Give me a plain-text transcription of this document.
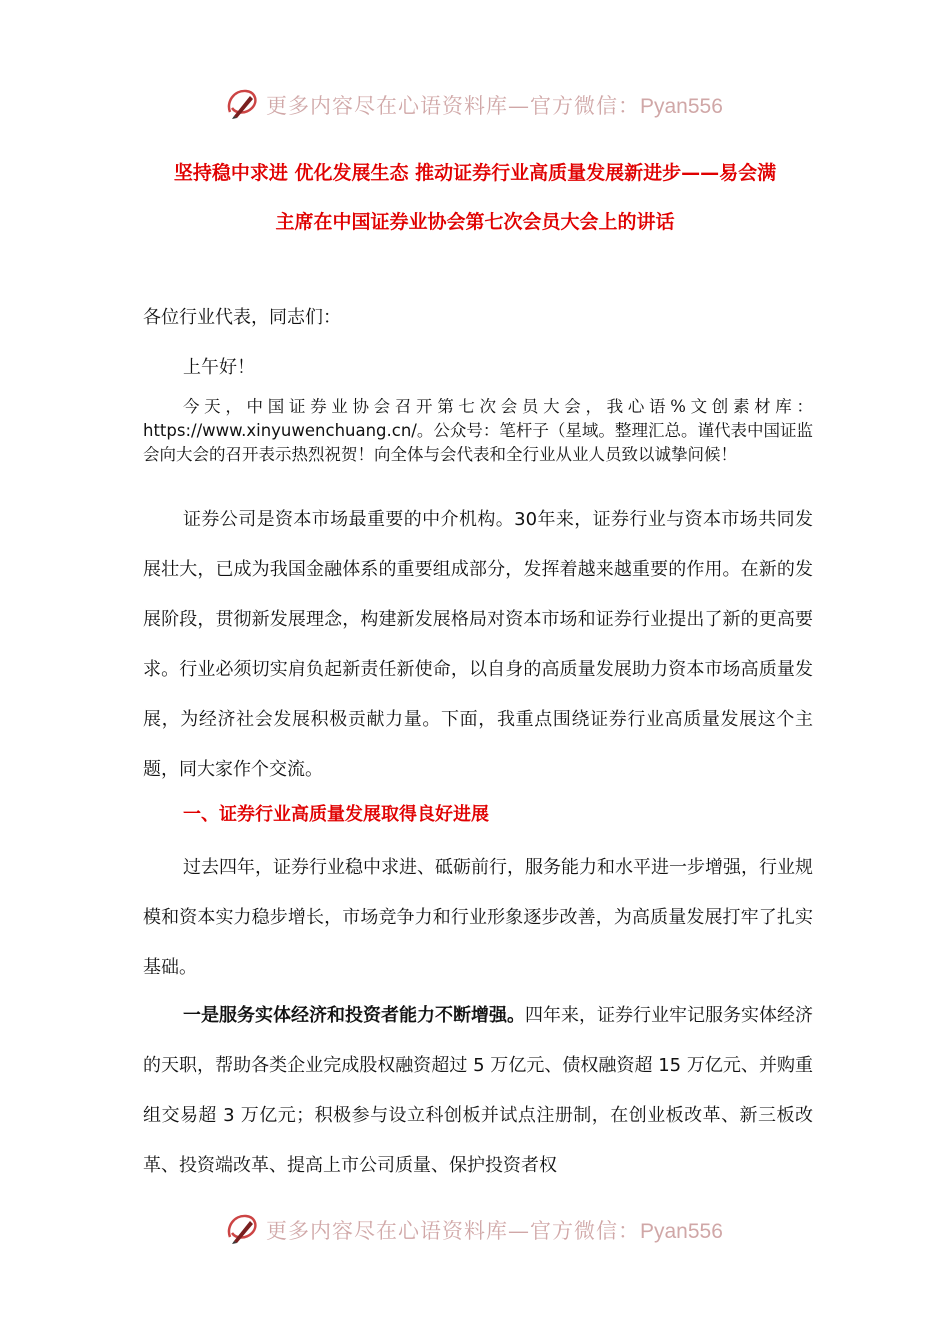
更多内容尽在心语资料库—官方微信：Pyan556
坚持稳中求进 优化发展生态 推动证券行业高质量发展新进步——易会满
主席在中国证券业协会第七次会员大会上的讲话
各位行业代表，同志们：
上午好！

今天，中国证券业协会召开第七次会员大会，我心语%文创素材库：https://www.xinyuwenchuang.cn/。公众号：笔杆子（星域。整理汇总。谨代表中国证监会向大会的召开表示热烈祝贺！向全体与会代表和全行业从业人员致以诚挚问候！

证券公司是资本市场最重要的中介机构。30年来，证券行业与资本市场共同发展壮大，已成为我国金融体系的重要组成部分，发挥着越来越重要的作用。在新的发展阶段，贯彻新发展理念，构建新发展格局对资本市场和证券行业提出了新的更高要求。行业必须切实肩负起新责任新使命，以自身的高质量发展助力资本市场高质量发展，为经济社会发展积极贡献力量。下面，我重点围绕证券行业高质量发展这个主题，同大家作个交流。

一、证券行业高质量发展取得良好进展

过去四年，证券行业稳中求进、砥砺前行，服务能力和水平进一步增强，行业规模和资本实力稳步增长，市场竞争力和行业形象逐步改善，为高质量发展打牢了扎实基础。

一是服务实体经济和投资者能力不断增强。四年来，证券行业牢记服务实体经济的天职，帮助各类企业完成股权融资超过 5 万亿元、债权融资超 15 万亿元、并购重组交易超 3 万亿元；积极参与设立科创板并试点注册制，在创业板改革、新三板改革、投资端改革、提高上市公司质量、保护投资者权

更多内容尽在心语资料库—官方微信：Pyan556
